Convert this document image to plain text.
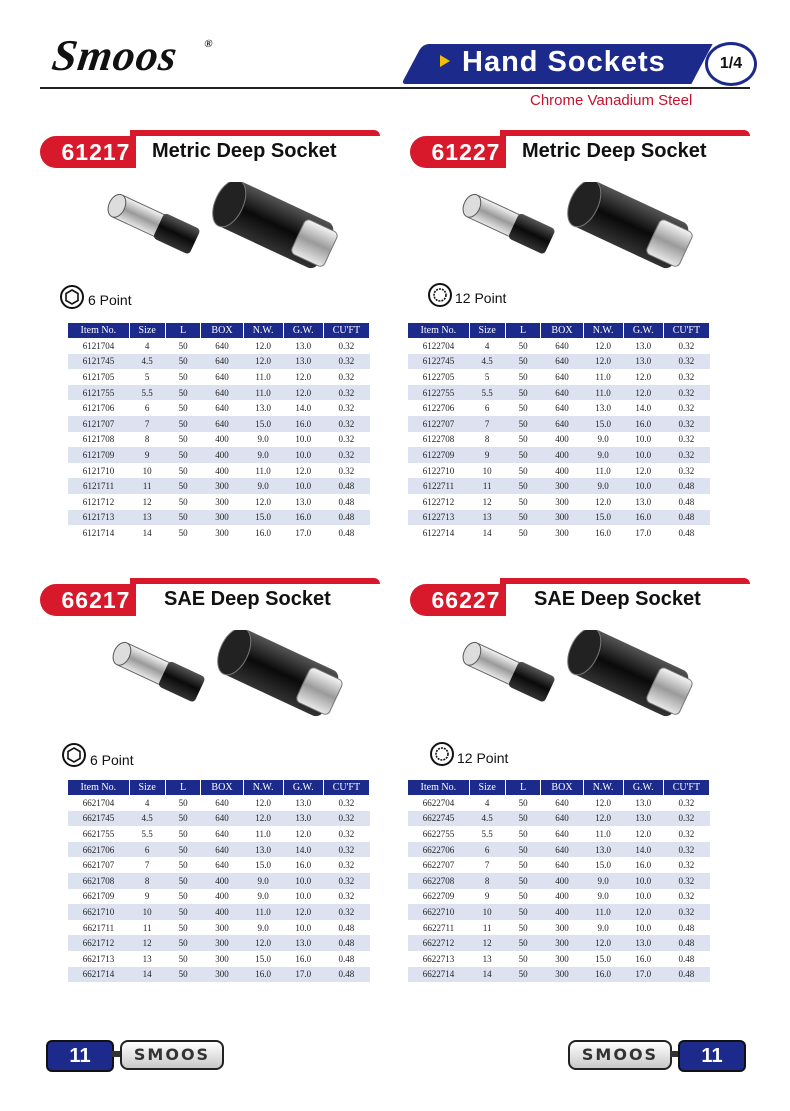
Smoos ®
Hand Sockets	1/4
Chrome Vanadium Steel
61217	Metric Deep Socket
6 Point
Item No.	Size	L	BOX	N.W.	G.W.	CU'FT
6121704	4	50	640	12.0	13.0	0.32
6121745	4.5	50	640	12.0	13.0	0.32
6121705	5	50	640	11.0	12.0	0.32
6121755	5.5	50	640	11.0	12.0	0.32
6121706	6	50	640	13.0	14.0	0.32
6121707	7	50	640	15.0	16.0	0.32
6121708	8	50	400	9.0	10.0	0.32
6121709	9	50	400	9.0	10.0	0.32
6121710	10	50	400	11.0	12.0	0.32
6121711	11	50	300	9.0	10.0	0.48
6121712	12	50	300	12.0	13.0	0.48
6121713	13	50	300	15.0	16.0	0.48
6121714	14	50	300	16.0	17.0	0.48
61227	Metric Deep Socket
12 Point
Item No.	Size	L	BOX	N.W.	G.W.	CU'FT
6122704	4	50	640	12.0	13.0	0.32
6122745	4.5	50	640	12.0	13.0	0.32
6122705	5	50	640	11.0	12.0	0.32
6122755	5.5	50	640	11.0	12.0	0.32
6122706	6	50	640	13.0	14.0	0.32
6122707	7	50	640	15.0	16.0	0.32
6122708	8	50	400	9.0	10.0	0.32
6122709	9	50	400	9.0	10.0	0.32
6122710	10	50	400	11.0	12.0	0.32
6122711	11	50	300	9.0	10.0	0.48
6122712	12	50	300	12.0	13.0	0.48
6122713	13	50	300	15.0	16.0	0.48
6122714	14	50	300	16.0	17.0	0.48
66217	SAE Deep Socket
6 Point
Item No.	Size	L	BOX	N.W.	G.W.	CU'FT
6621704	4	50	640	12.0	13.0	0.32
6621745	4.5	50	640	12.0	13.0	0.32
6621755	5.5	50	640	11.0	12.0	0.32
6621706	6	50	640	13.0	14.0	0.32
6621707	7	50	640	15.0	16.0	0.32
6621708	8	50	400	9.0	10.0	0.32
6621709	9	50	400	9.0	10.0	0.32
6621710	10	50	400	11.0	12.0	0.32
6621711	11	50	300	9.0	10.0	0.48
6621712	12	50	300	12.0	13.0	0.48
6621713	13	50	300	15.0	16.0	0.48
6621714	14	50	300	16.0	17.0	0.48
66227	SAE Deep Socket
12 Point
Item No.	Size	L	BOX	N.W.	G.W.	CU'FT
6622704	4	50	640	12.0	13.0	0.32
6622745	4.5	50	640	12.0	13.0	0.32
6622755	5.5	50	640	11.0	12.0	0.32
6622706	6	50	640	13.0	14.0	0.32
6622707	7	50	640	15.0	16.0	0.32
6622708	8	50	400	9.0	10.0	0.32
6622709	9	50	400	9.0	10.0	0.32
6622710	10	50	400	11.0	12.0	0.32
6622711	11	50	300	9.0	10.0	0.48
6622712	12	50	300	12.0	13.0	0.48
6622713	13	50	300	15.0	16.0	0.48
6622714	14	50	300	16.0	17.0	0.48
11	SMOOS	SMOOS	11
